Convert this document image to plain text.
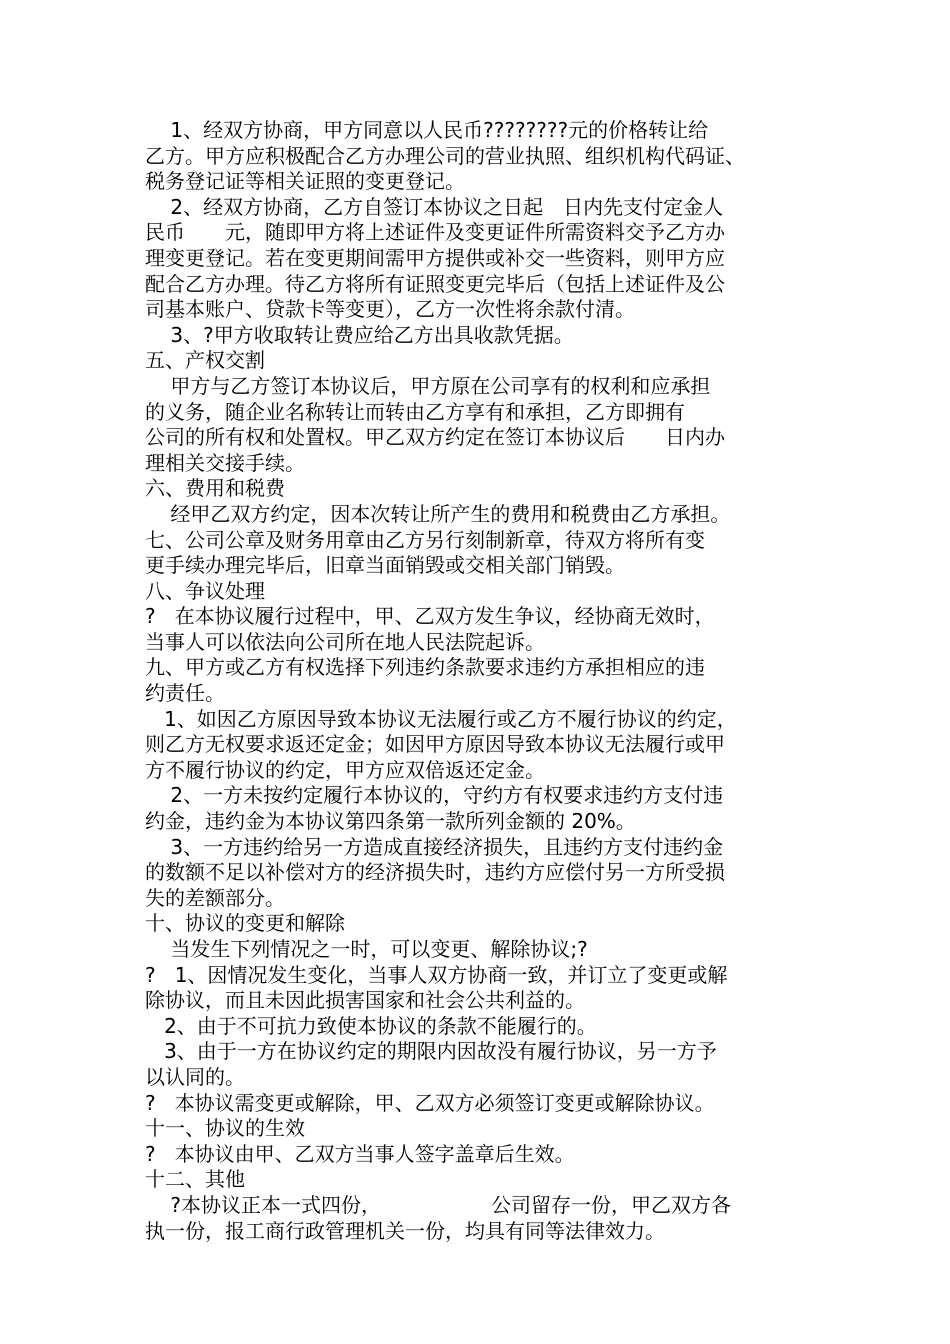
1、经双方协商，甲方同意以人民币????????元的价格转让给
乙方。甲方应积极配合乙方办理公司的营业执照、组织机构代码证、
税务登记证等相关证照的变更登记。
2、经双方协商，乙方自签订本协议之日起　日内先支付定金人
民币　　元，随即甲方将上述证件及变更证件所需资料交予乙方办
理变更登记。若在变更期间需甲方提供或补交一些资料，则甲方应
配合乙方办理。待乙方将所有证照变更完毕后（包括上述证件及公
司基本账户、贷款卡等变更），乙方一次性将余款付清。
3、?甲方收取转让费应给乙方出具收款凭据。
五、产权交割
甲方与乙方签订本协议后，甲方原在公司享有的权利和应承担
的义务，随企业名称转让而转由乙方享有和承担，乙方即拥有
公司的所有权和处置权。甲乙双方约定在签订本协议后　　日内办
理相关交接手续。
六、费用和税费
经甲乙双方约定，因本次转让所产生的费用和税费由乙方承担。
七、公司公章及财务用章由乙方另行刻制新章，待双方将所有变
更手续办理完毕后，旧章当面销毁或交相关部门销毁。
八、争议处理
?   在本协议履行过程中，甲、乙双方发生争议，经协商无效时，
当事人可以依法向公司所在地人民法院起诉。
九、甲方或乙方有权选择下列违约条款要求违约方承担相应的违
约责任。
1、如因乙方原因导致本协议无法履行或乙方不履行协议的约定，
则乙方无权要求返还定金；如因甲方原因导致本协议无法履行或甲
方不履行协议的约定，甲方应双倍返还定金。
2、一方未按约定履行本协议的，守约方有权要求违约方支付违
约金，违约金为本协议第四条第一款所列金额的 20%。
3、一方违约给另一方造成直接经济损失，且违约方支付违约金
的数额不足以补偿对方的经济损失时，违约方应偿付另一方所受损
失的差额部分。
十、协议的变更和解除
当发生下列情况之一时，可以变更、解除协议;?
?   1、因情况发生变化，当事人双方协商一致，并订立了变更或解
除协议，而且未因此损害国家和社会公共利益的。
2、由于不可抗力致使本协议的条款不能履行的。
3、由于一方在协议约定的期限内因故没有履行协议，另一方予
以认同的。
?   本协议需变更或解除，甲、乙双方必须签订变更或解除协议。
十一、协议的生效
?   本协议由甲、乙双方当事人签字盖章后生效。
十二、其他
?本协议正本一式四份，　　　　　　公司留存一份，甲乙双方各
执一份，报工商行政管理机关一份，均具有同等法律效力。
